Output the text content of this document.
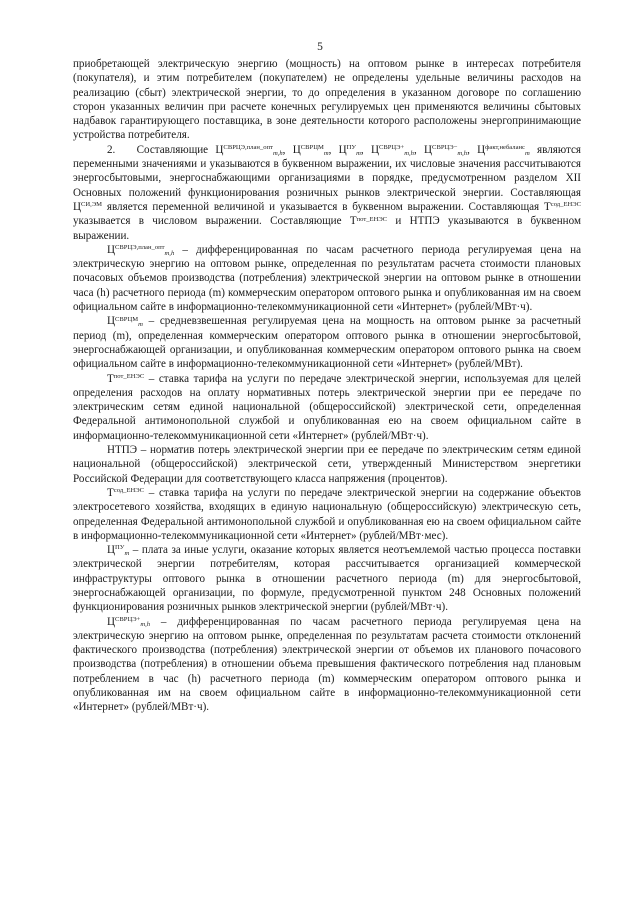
5

приобретающей электрическую энергию (мощность) на оптовом рынке в интересах потребителя (покупателя), и этим потребителем (покупателем) не определены удельные величины расходов на реализацию (сбыт) электрической энергии, то до определения в указанном договоре по соглашению сторон указанных величин при расчете конечных регулируемых цен применяются величины сбытовых надбавок гарантирующего поставщика, в зоне деятельности которого расположены энергопринимающие устройства потребителя.

2. Составляющие $Ц^{СВРЦЭ,план\_опт}_{m,h}$, $Ц^{СВРЦМ}_m$, $Ц^{ПУ}_m$, $Ц^{СВРЦЭ+}_{m,h}$, $Ц^{СВРЦЭ-}_{m,h}$, $Ц^{факт,небаланс}_m$ являются переменными значениями и указываются в буквенном выражении, их числовые значения рассчитываются энергосбытовыми, энергоснабжающими организациями в порядке, предусмотренном разделом XII Основных положений функционирования розничных рынков электрической энергии. Составляющая $Ц^{СИ,ЭМ}$ является переменной величиной и указывается в буквенном выражении. Составляющая $Т^{сод\_ЕНЭС}$ указывается в числовом выражении. Составляющие $Т^{пот\_ЕНЭС}$ и НТПЭ указываются в буквенном выражении.

$Ц^{СВРЦЭ,план\_опт}_{m,h}$ – дифференцированная по часам расчетного периода регулируемая цена на электрическую энергию на оптовом рынке, определенная по результатам расчета стоимости плановых почасовых объемов производства (потребления) электрической энергии на оптовом рынке в отношении часа (h) расчетного периода (m) коммерческим оператором оптового рынка и опубликованная им на своем официальном сайте в информационно-телекоммуникационной сети «Интернет» (рублей/МВт·ч).

$Ц^{СВРЦМ}_m$ – средневзвешенная регулируемая цена на мощность на оптовом рынке за расчетный период (m), определенная коммерческим оператором оптового рынка в отношении энергосбытовой, энергоснабжающей организации, и опубликованная коммерческим оператором оптового рынка на своем официальном сайте в информационно-телекоммуникационной сети «Интернет» (рублей/МВт).

$Т^{пот\_ЕНЭС}$ – ставка тарифа на услуги по передаче электрической энергии, используемая для целей определения расходов на оплату нормативных потерь электрической энергии при ее передаче по электрическим сетям единой национальной (общероссийской) электрической сети, определенная Федеральной антимонопольной службой и опубликованная ею на своем официальном сайте в информационно-телекоммуникационной сети «Интернет» (рублей/МВт·ч).

НТПЭ – норматив потерь электрической энергии при ее передаче по электрическим сетям единой национальной (общероссийской) электрической сети, утвержденный Министерством энергетики Российской Федерации для соответствующего класса напряжения (процентов).

$Т^{сод\_ЕНЭС}$ – ставка тарифа на услуги по передаче электрической энергии на содержание объектов электросетевого хозяйства, входящих в единую национальную (общероссийскую) электрическую сеть, определенная Федеральной антимонопольной службой и опубликованная ею на своем официальном сайте в информационно-телекоммуникационной сети «Интернет» (рублей/МВт·мес).

$Ц^{ПУ}_m$ – плата за иные услуги, оказание которых является неотъемлемой частью процесса поставки электрической энергии потребителям, которая рассчитывается организацией коммерческой инфраструктуры оптового рынка в отношении расчетного периода (m) для энергосбытовой, энергоснабжающей организации, по формуле, предусмотренной пунктом 248 Основных положений функционирования розничных рынков электрической энергии (рублей/МВт·ч).

$Ц^{СВРЦЭ+}_{m,h}$ – дифференцированная по часам расчетного периода регулируемая цена на электрическую энергию на оптовом рынке, определенная по результатам расчета стоимости отклонений фактического производства (потребления) электрической энергии от объемов их планового почасового производства (потребления) в отношении объема превышения фактического потребления над плановым потреблением в час (h) расчетного периода (m) коммерческим оператором оптового рынка и опубликованная им на своем официальном сайте в информационно-телекоммуникационной сети «Интернет» (рублей/МВт·ч).
